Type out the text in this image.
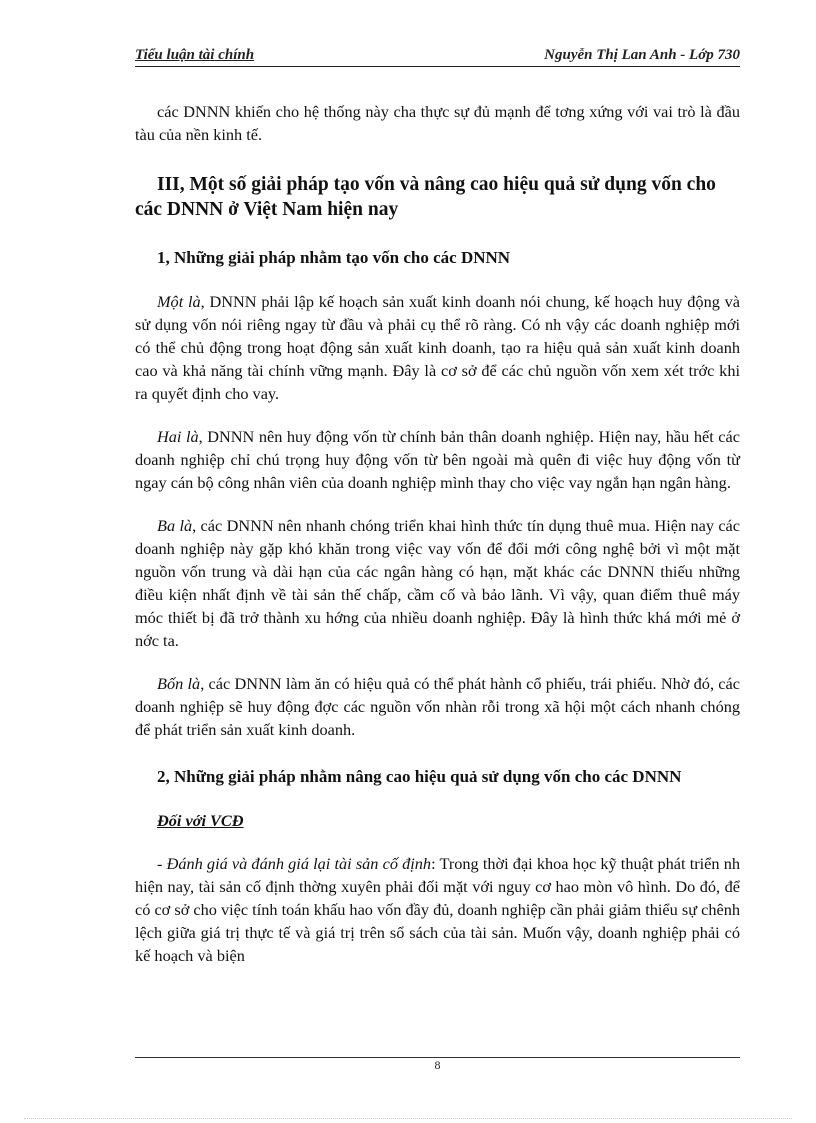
Tiểu luận tài chính	Nguyễn Thị Lan Anh - Lớp 730

các DNNN khiến cho hệ thống này cha thực sự đủ mạnh để tơng xứng với vai trò là đầu tàu của nền kinh tế.

III, Một số giải pháp tạo vốn và nâng cao hiệu quả sử dụng vốn cho các DNNN ở Việt Nam hiện nay

1, Những giải pháp nhằm tạo vốn cho các DNNN

Một là, DNNN phải lập kế hoạch sản xuất kinh doanh nói chung, kế hoạch huy động và sử dụng vốn nói riêng ngay từ đầu và phải cụ thể rõ ràng. Có nh vậy các doanh nghiệp mới có thể chủ động trong hoạt động sản xuất kinh doanh, tạo ra hiệu quả sản xuất kinh doanh cao và khả năng tài chính vững mạnh. Đây là cơ sở để các chủ nguồn vốn xem xét trớc khi ra quyết định cho vay.

Hai là, DNNN nên huy động vốn từ chính bản thân doanh nghiệp. Hiện nay, hầu hết các doanh nghiệp chỉ chú trọng huy động vốn từ bên ngoài mà quên đi việc huy động vốn từ ngay cán bộ công nhân viên của doanh nghiệp mình thay cho việc vay ngắn hạn ngân hàng.

Ba là, các DNNN nên nhanh chóng triển khai hình thức tín dụng thuê mua. Hiện nay các doanh nghiệp này gặp khó khăn trong việc vay vốn để đổi mới công nghệ bởi vì một mặt nguồn vốn trung và dài hạn của các ngân hàng có hạn, mặt khác các DNNN thiếu những điều kiện nhất định về tài sản thế chấp, cầm cố và bảo lãnh. Vì vậy, quan điểm thuê máy móc thiết bị đã trở thành xu hớng của nhiều doanh nghiệp. Đây là hình thức khá mới mẻ ở nớc ta.

Bốn là, các DNNN làm ăn có hiệu quả có thể phát hành cổ phiếu, trái phiếu. Nhờ đó, các doanh nghiệp sẽ huy động đợc các nguồn vốn nhàn rỗi trong xã hội một cách nhanh chóng để phát triển sản xuất kinh doanh.

2, Những giải pháp nhằm nâng cao hiệu quả sử dụng vốn cho các DNNN

Đối với VCĐ

- Đánh giá và đánh giá lại tài sản cố định: Trong thời đại khoa học kỹ thuật phát triển nh hiện nay, tài sản cố định thờng xuyên phải đối mặt với nguy cơ hao mòn vô hình. Do đó, để có cơ sở cho việc tính toán khấu hao vốn đầy đủ, doanh nghiệp cần phải giảm thiểu sự chênh lệch giữa giá trị thực tế và giá trị trên sổ sách của tài sản. Muốn vậy, doanh nghiệp phải có kế hoạch và biện

8
